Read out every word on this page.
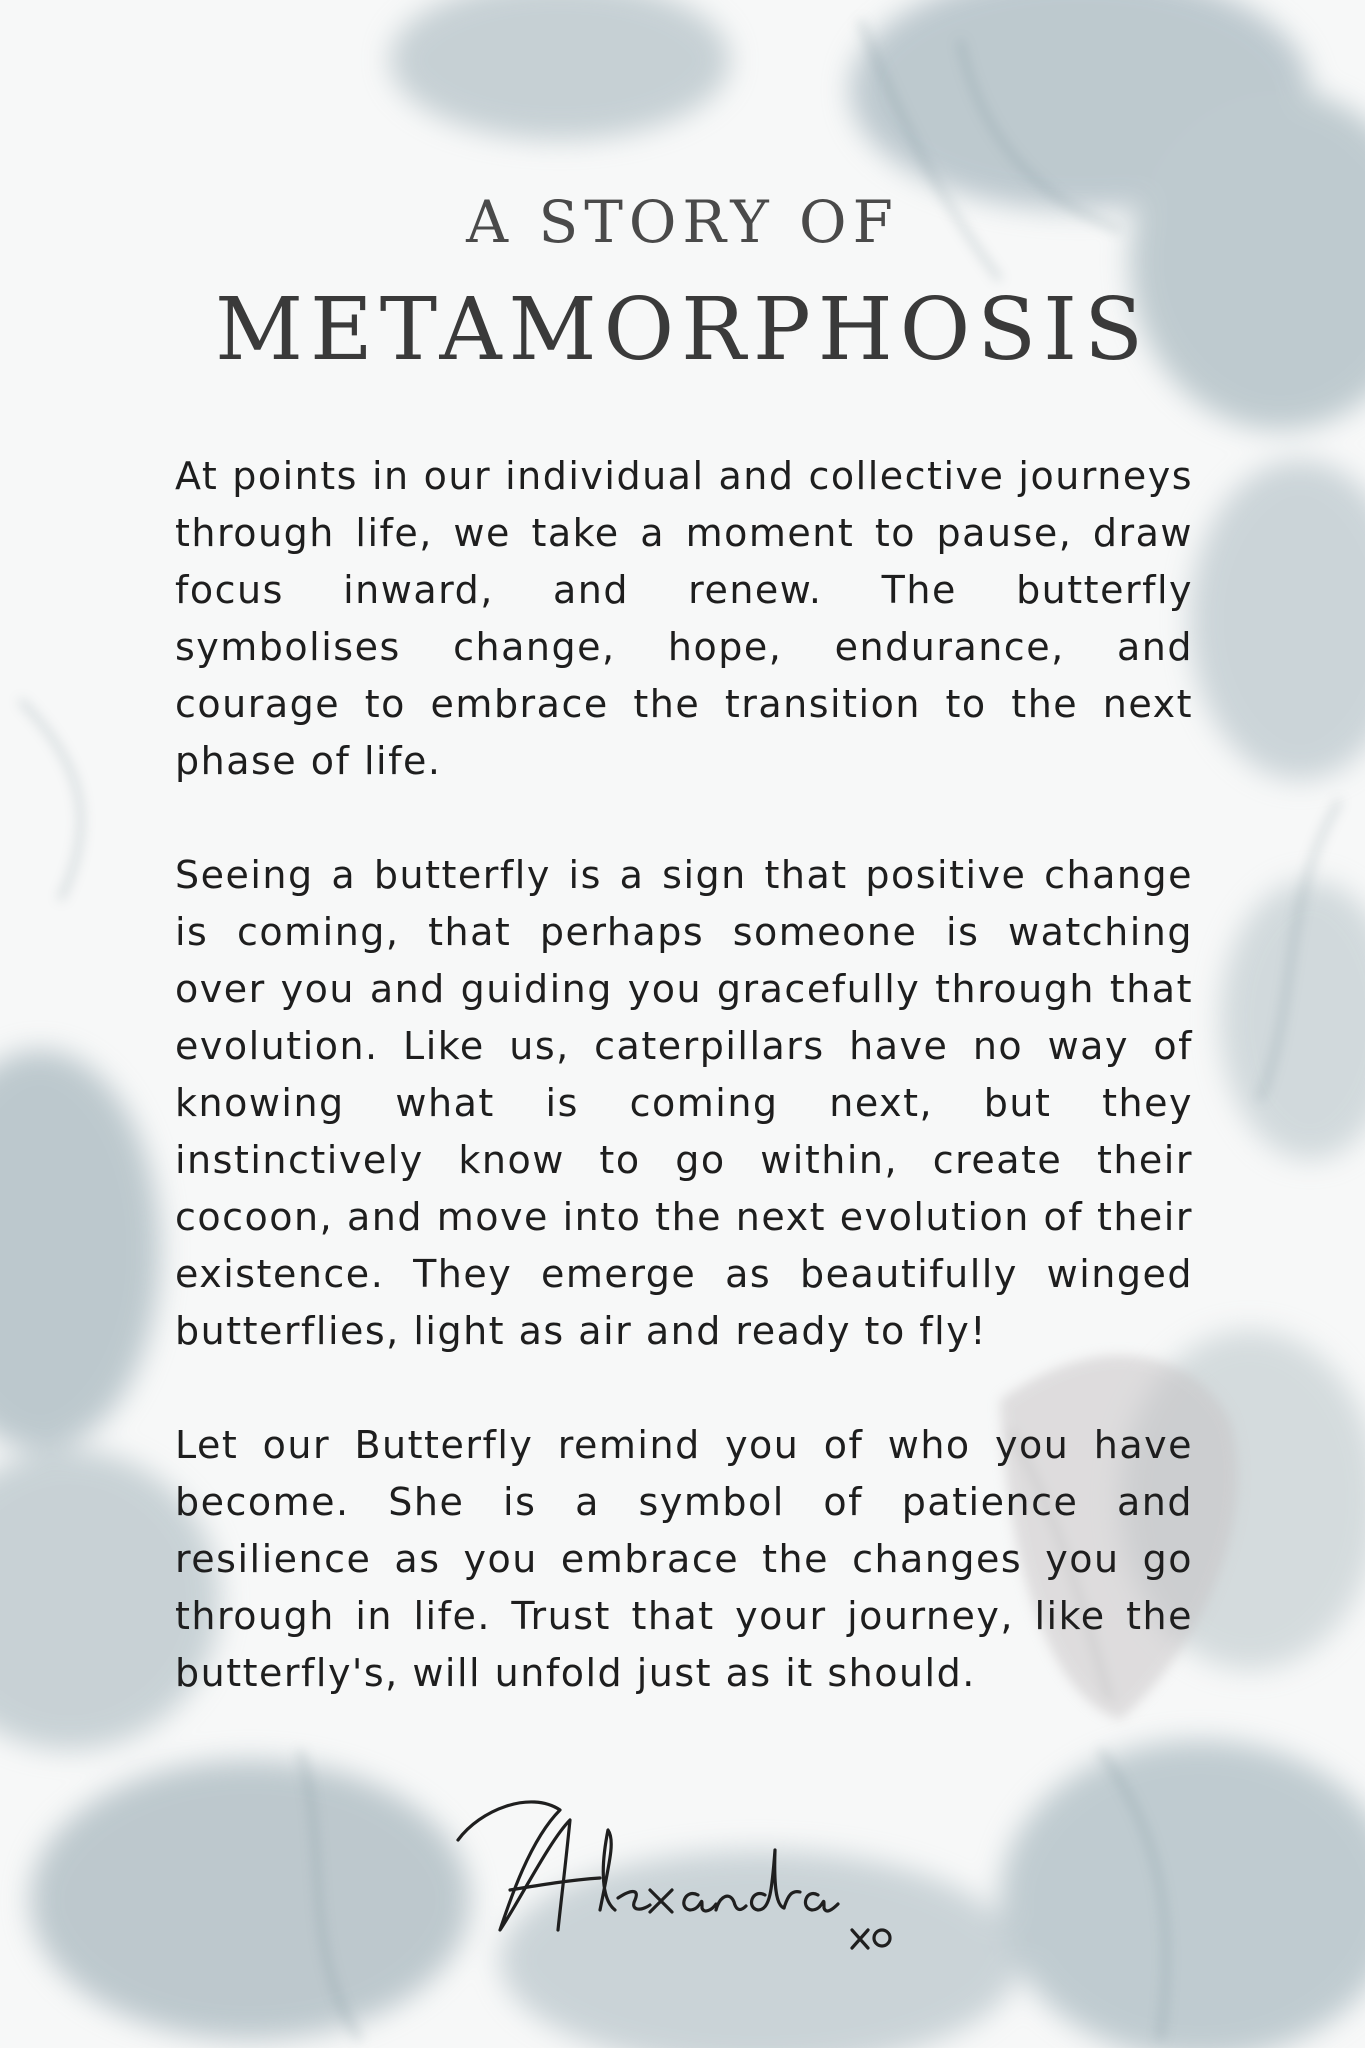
A STORY OF
METAMORPHOSIS

At points in our individual and collective journeys through life, we take a moment to pause, draw focus inward, and renew. The butterfly symbolises change, hope, endurance, and courage to embrace the transition to the next phase of life.

Seeing a butterfly is a sign that positive change is coming, that perhaps someone is watching over you and guiding you gracefully through that evolution. Like us, caterpillars have no way of knowing what is coming next, but they instinctively know to go within, create their cocoon, and move into the next evolution of their existence. They emerge as beautifully winged butterflies, light as air and ready to fly!

Let our Butterfly remind you of who you have become. She is a symbol of patience and resilience as you embrace the changes you go through in life. Trust that your journey, like the butterfly's, will unfold just as it should.
